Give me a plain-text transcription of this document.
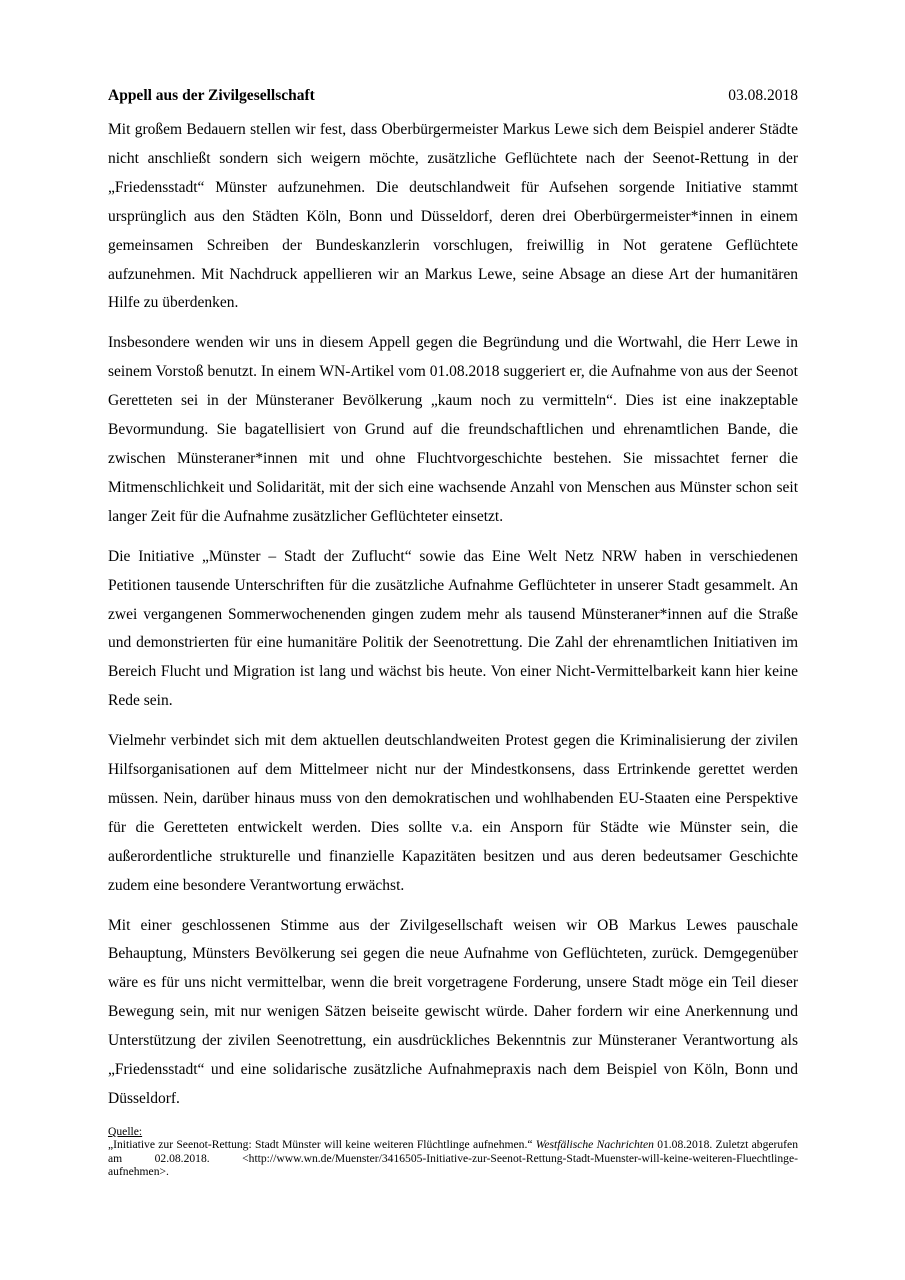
Appell aus der Zivilgesellschaft	03.08.2018

Mit großem Bedauern stellen wir fest, dass Oberbürgermeister Markus Lewe sich dem Beispiel anderer Städte nicht anschließt sondern sich weigern möchte, zusätzliche Geflüchtete nach der Seenot-Rettung in der „Friedensstadt“ Münster aufzunehmen. Die deutschlandweit für Aufsehen sorgende Initiative stammt ursprünglich aus den Städten Köln, Bonn und Düsseldorf, deren drei Oberbürgermeister*innen in einem gemeinsamen Schreiben der Bundeskanzlerin vorschlugen, freiwillig in Not geratene Geflüchtete aufzunehmen. Mit Nachdruck appellieren wir an Markus Lewe, seine Absage an diese Art der humanitären Hilfe zu überdenken.

Insbesondere wenden wir uns in diesem Appell gegen die Begründung und die Wortwahl, die Herr Lewe in seinem Vorstoß benutzt. In einem WN-Artikel vom 01.08.2018 suggeriert er, die Aufnahme von aus der Seenot Geretteten sei in der Münsteraner Bevölkerung „kaum noch zu vermitteln“. Dies ist eine inakzeptable Bevormundung. Sie bagatellisiert von Grund auf die freundschaftlichen und ehrenamtlichen Bande, die zwischen Münsteraner*innen mit und ohne Fluchtvorgeschichte bestehen. Sie missachtet ferner die Mitmenschlichkeit und Solidarität, mit der sich eine wachsende Anzahl von Menschen aus Münster schon seit langer Zeit für die Aufnahme zusätzlicher Geflüchteter einsetzt.

Die Initiative „Münster – Stadt der Zuflucht“ sowie das Eine Welt Netz NRW haben in verschiedenen Petitionen tausende Unterschriften für die zusätzliche Aufnahme Geflüchteter in unserer Stadt gesammelt. An zwei vergangenen Sommerwochenenden gingen zudem mehr als tausend Münsteraner*innen auf die Straße und demonstrierten für eine humanitäre Politik der Seenotrettung. Die Zahl der ehrenamtlichen Initiativen im Bereich Flucht und Migration ist lang und wächst bis heute. Von einer Nicht-Vermittelbarkeit kann hier keine Rede sein.

Vielmehr verbindet sich mit dem aktuellen deutschlandweiten Protest gegen die Kriminalisierung der zivilen Hilfsorganisationen auf dem Mittelmeer nicht nur der Mindestkonsens, dass Ertrinkende gerettet werden müssen. Nein, darüber hinaus muss von den demokratischen und wohlhabenden EU-Staaten eine Perspektive für die Geretteten entwickelt werden. Dies sollte v.a. ein Ansporn für Städte wie Münster sein, die außerordentliche strukturelle und finanzielle Kapazitäten besitzen und aus deren bedeutsamer Geschichte zudem eine besondere Verantwortung erwächst.

Mit einer geschlossenen Stimme aus der Zivilgesellschaft weisen wir OB Markus Lewes pauschale Behauptung, Münsters Bevölkerung sei gegen die neue Aufnahme von Geflüchteten, zurück. Demgegenüber wäre es für uns nicht vermittelbar, wenn die breit vorgetragene Forderung, unsere Stadt möge ein Teil dieser Bewegung sein, mit nur wenigen Sätzen beiseite gewischt würde. Daher fordern wir eine Anerkennung und Unterstützung der zivilen Seenotrettung, ein ausdrückliches Bekenntnis zur Münsteraner Verantwortung als „Friedensstadt“ und eine solidarische zusätzliche Aufnahmepraxis nach dem Beispiel von Köln, Bonn und Düsseldorf.

Quelle:
„Initiative zur Seenot-Rettung: Stadt Münster will keine weiteren Flüchtlinge aufnehmen.“ Westfälische Nachrichten 01.08.2018. Zuletzt abgerufen am 02.08.2018. <http://www.wn.de/Muenster/3416505-Initiative-zur-Seenot-Rettung-Stadt-Muenster-will-keine-weiteren-Fluechtlinge-aufnehmen>.
